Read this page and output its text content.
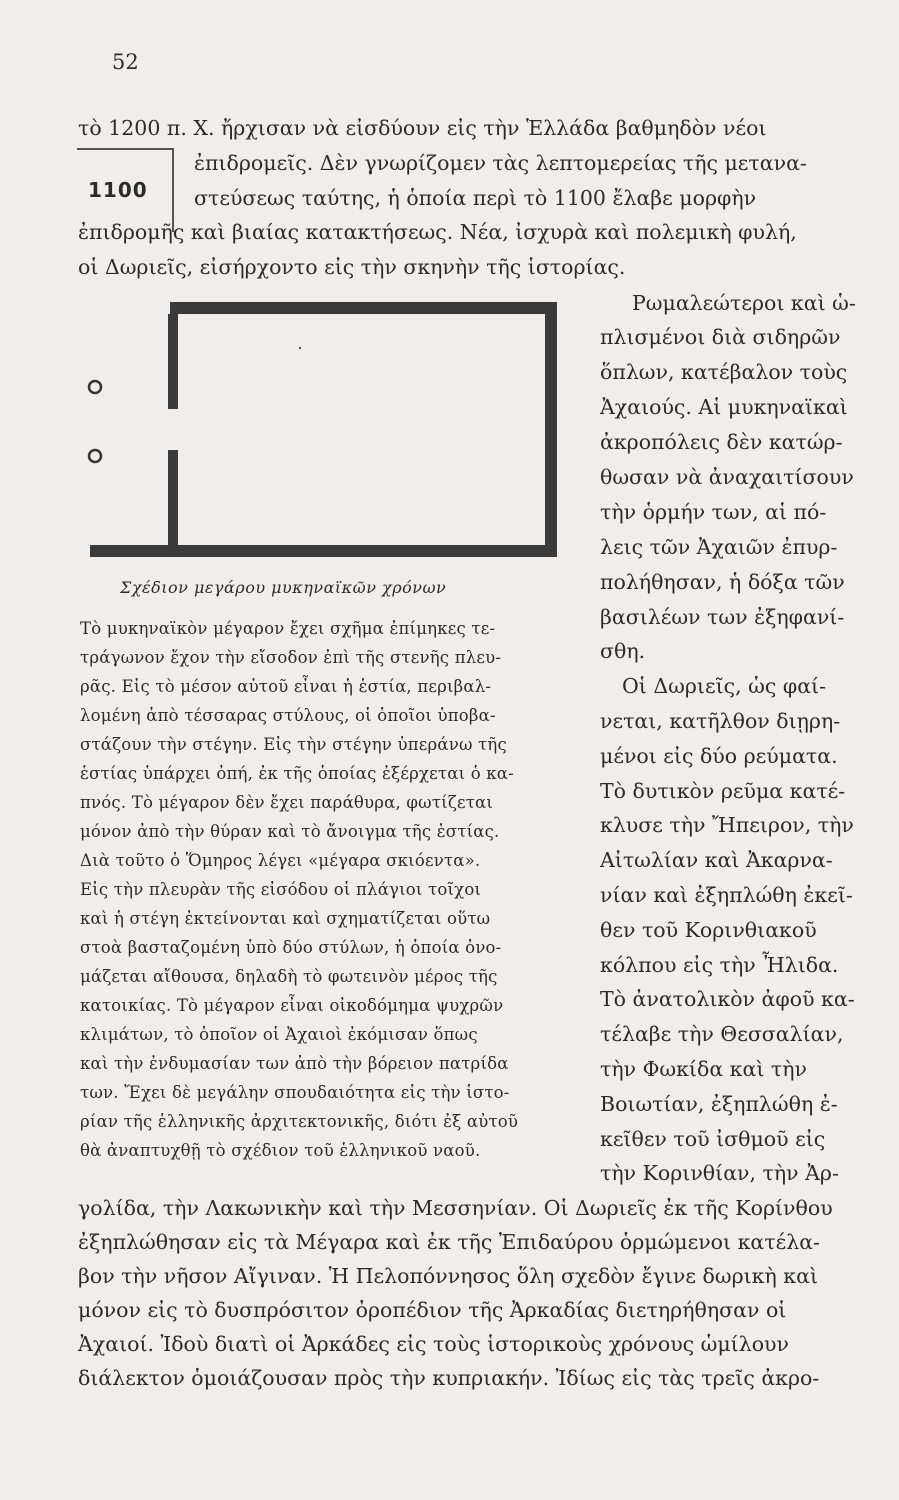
52
1100
τὸ 1200 π. Χ. ἤρχισαν νὰ εἰσδύουν εἰς τὴν Ἑλλάδα βαθμηδὸν νέοι
ἐπιδρομεῖς. Δὲν γνωρίζομεν τὰς λεπτομερείας τῆς μετανα-
στεύσεως ταύτης, ἡ ὁποία περὶ τὸ 1100 ἔλαβε μορφὴν
ἐπιδρομῆς καὶ βιαίας κατακτήσεως. Νέα, ἰσχυρὰ καὶ πολεμικὴ φυλή,
οἱ Δωριεῖς, εἰσήρχοντο εἰς τὴν σκηνὴν τῆς ἱστορίας.
Σχέδιον μεγάρου μυκηναϊκῶν χρόνων
Τὸ μυκηναϊκὸν μέγαρον ἔχει σχῆμα ἐπίμηκες τε-
τράγωνον ἔχον τὴν εἴσοδον ἐπὶ τῆς στενῆς πλευ-
ρᾶς. Εἰς τὸ μέσον αὐτοῦ εἶναι ἡ ἑστία, περιβαλ-
λομένη ἀπὸ τέσσαρας στύλους, οἱ ὁποῖοι ὑποβα-
στάζουν τὴν στέγην. Εἰς τὴν στέγην ὑπεράνω τῆς
ἑστίας ὑπάρχει ὀπή, ἐκ τῆς ὁποίας ἐξέρχεται ὁ κα-
πνός. Τὸ μέγαρον δὲν ἔχει παράθυρα, φωτίζεται
μόνον ἀπὸ τὴν θύραν καὶ τὸ ἄνοιγμα τῆς ἑστίας.
Διὰ τοῦτο ὁ Ὅμηρος λέγει «μέγαρα σκιόεντα».
Εἰς τὴν πλευρὰν τῆς εἰσόδου οἱ πλάγιοι τοῖχοι
καὶ ἡ στέγη ἐκτείνονται καὶ σχηματίζεται οὕτω
στοὰ βασταζομένη ὑπὸ δύο στύλων, ἡ ὁποία ὀνο-
μάζεται αἴθουσα, δηλαδὴ τὸ φωτεινὸν μέρος τῆς
κατοικίας. Τὸ μέγαρον εἶναι οἰκοδόμημα ψυχρῶν
κλιμάτων, τὸ ὁποῖον οἱ Ἀχαιοὶ ἐκόμισαν ὅπως
καὶ τὴν ἐνδυμασίαν των ἀπὸ τὴν βόρειον πατρίδα
των. Ἔχει δὲ μεγάλην σπουδαιότητα εἰς τὴν ἱστο-
ρίαν τῆς ἑλληνικῆς ἀρχιτεκτονικῆς, διότι ἐξ αὐτοῦ
θὰ ἀναπτυχθῇ τὸ σχέδιον τοῦ ἑλληνικοῦ ναοῦ.
Ρωμαλεώτεροι καὶ ὡ-
πλισμένοι διὰ σιδηρῶν
ὅπλων, κατέβαλον τοὺς
Ἀχαιούς. Αἱ μυκηναϊκαὶ
ἀκροπόλεις δὲν κατώρ-
θωσαν νὰ ἀναχαιτίσουν
τὴν ὁρμήν των, αἱ πό-
λεις τῶν Ἀχαιῶν ἐπυρ-
πολήθησαν, ἡ δόξα τῶν
βασιλέων των ἐξηφανί-
σθη.
Οἱ Δωριεῖς, ὡς φαί-
νεται, κατῆλθον διῃρη-
μένοι εἰς δύο ρεύματα.
Τὸ δυτικὸν ρεῦμα κατέ-
κλυσε τὴν Ἤπειρον, τὴν
Αἰτωλίαν καὶ Ἀκαρνα-
νίαν καὶ ἐξηπλώθη ἐκεῖ-
θεν τοῦ Κορινθιακοῦ
κόλπου εἰς τὴν Ἦλιδα.
Τὸ ἀνατολικὸν ἀφοῦ κα-
τέλαβε τὴν Θεσσαλίαν,
τὴν Φωκίδα καὶ τὴν
Βοιωτίαν, ἐξηπλώθη ἐ-
κεῖθεν τοῦ ἰσθμοῦ εἰς
τὴν Κορινθίαν, τὴν Ἀρ-
γολίδα, τὴν Λακωνικὴν καὶ τὴν Μεσσηνίαν. Οἱ Δωριεῖς ἐκ τῆς Κορίνθου
ἐξηπλώθησαν εἰς τὰ Μέγαρα καὶ ἐκ τῆς Ἐπιδαύρου ὁρμώμενοι κατέλα-
βον τὴν νῆσον Αἴγιναν. Ἡ Πελοπόννησος ὅλη σχεδὸν ἔγινε δωρικὴ καὶ
μόνον εἰς τὸ δυσπρόσιτον ὀροπέδιον τῆς Ἀρκαδίας διετηρήθησαν οἱ
Ἀχαιοί. Ἰδοὺ διατὶ οἱ Ἀρκάδες εἰς τοὺς ἱστορικοὺς χρόνους ὡμίλουν
διάλεκτον ὁμοιάζουσαν πρὸς τὴν κυπριακήν. Ἰδίως εἰς τὰς τρεῖς ἀκρο-
